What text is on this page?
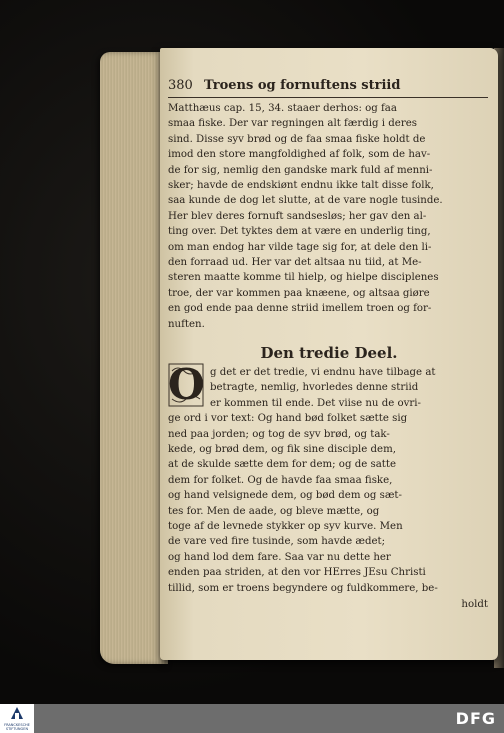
380 Troens og fornuftens striid
Den tredie Deel.
O
holdt
Matthæus cap. 15, 34. staaer derhos: og faa
smaa fiske. Der var regningen alt færdig i deres
sind. Disse syv brød og de faa smaa fiske holdt de
imod den store mangfoldighed af folk, som de hav-
de for sig, nemlig den gandske mark fuld af menni-
sker; havde de endskiønt endnu ikke talt disse folk,
saa kunde de dog let slutte, at de vare nogle tusinde.
Her blev deres fornuft sandsesløs; her gav den al-
ting over. Det tyktes dem at være en underlig ting,
om man endog har vilde tage sig for, at dele den li-
den forraad ud. Her var det altsaa nu tiid, at Me-
steren maatte komme til hielp, og hielpe disciplenes
troe, der var kommen paa knæene, og altsaa giøre
en god ende paa denne striid imellem troen og for-
nuften.
g det er det tredie, vi endnu have tilbage at
betragte, nemlig, hvorledes denne striid
er kommen til ende. Det viise nu de ovri-
ge ord i vor text: Og hand bød folket sætte sig
ned paa jorden; og tog de syv brød, og tak-
kede, og brød dem, og fik sine disciple dem,
at de skulde sætte dem for dem; og de satte
dem for folket. Og de havde faa smaa fiske,
og hand velsignede dem, og bød dem og sæt-
tes for. Men de aade, og bleve mætte, og
toge af de levnede stykker op syv kurve. Men
de vare ved fire tusinde, som havde ædet;
og hand lod dem fare. Saa var nu dette her
enden paa striden, at den vor HErres JEsu Christi
tillid, som er troens begyndere og fuldkommere, be-
FRANCKESCHE STIFTUNGEN
DFG
